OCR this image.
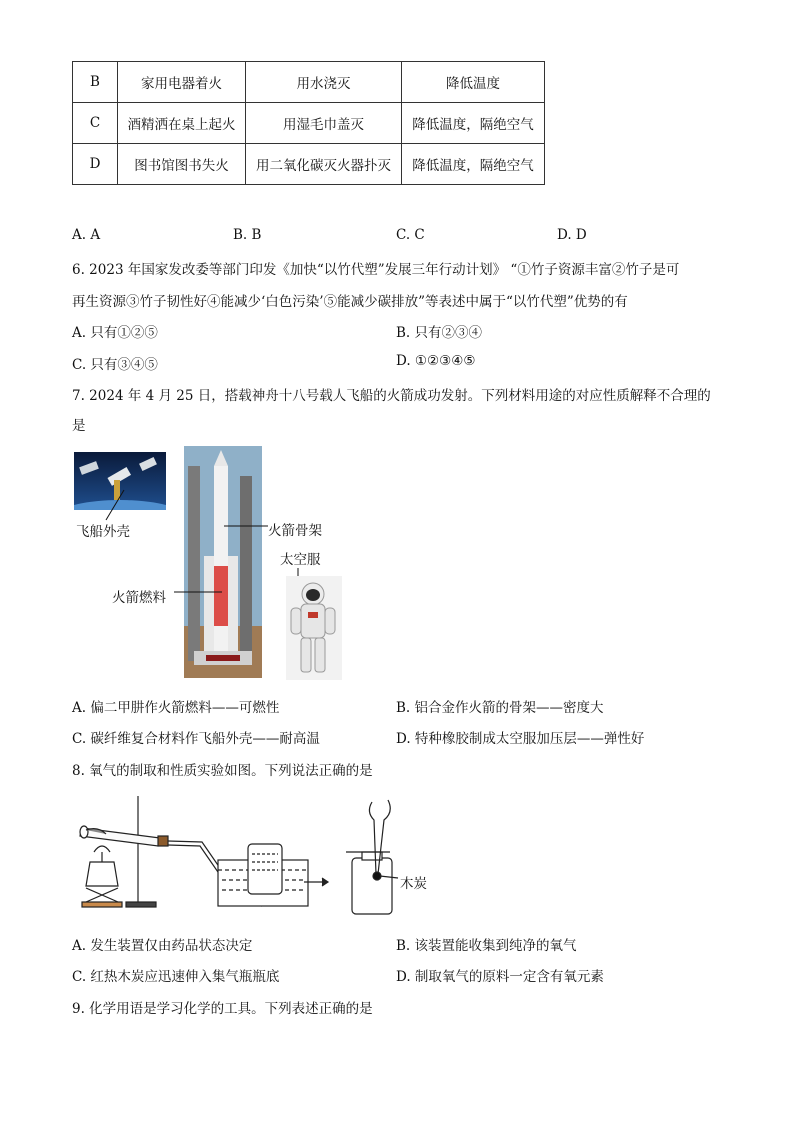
B	家用电器着火	用水浇灭	降低温度
C	酒精洒在桌上起火	用湿毛巾盖灭	降低温度，隔绝空气
D	图书馆图书失火	用二氧化碳灭火器扑灭	降低温度，隔绝空气
A. A	B. B	C. C	D. D
6. 2023 年国家发改委等部门印发《加快“以竹代塑”发展三年行动计划》 “①竹子资源丰富②竹子是可
再生资源③竹子韧性好④能减少‘白色污染’⑤能减少碳排放”等表述中属于“以竹代塑”优势的有
A. 只有①②⑤	B. 只有②③④
C. 只有③④⑤	D. ①②③④⑤
7. 2024 年 4 月 25 日，搭载神舟十八号载人飞船的火箭成功发射。下列材料用途的对应性质解释不合理的
是
飞船外壳	火箭骨架
火箭燃料
太空服
A. 偏二甲肼作火箭燃料——可燃性	B. 铝合金作火箭的骨架——密度大
C. 碳纤维复合材料作飞船外壳——耐高温	D. 特种橡胶制成太空服加压层——弹性好
8. 氧气的制取和性质实验如图。下列说法正确的是
木炭
A. 发生装置仅由药品状态决定	B. 该装置能收集到纯净的氧气
C. 红热木炭应迅速伸入集气瓶瓶底	D. 制取氧气的原料一定含有氧元素
9. 化学用语是学习化学的工具。下列表述正确的是
